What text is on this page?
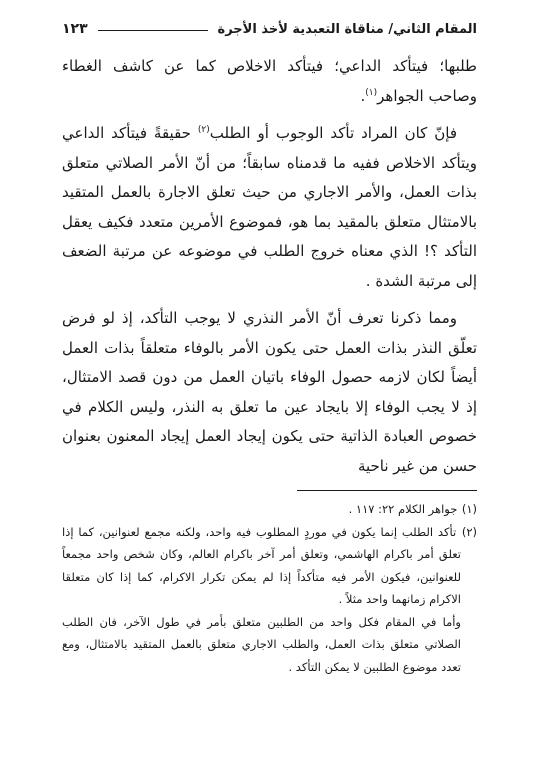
المقام الثاني/ مناقاة التعبدية لأخذ الأجرة
١٢٣

طلبها؛ فيتأكد الداعي؛ فيتأكد الاخلاص كما عن كاشف الغطاء وصاحب الجواهر$^{(١)}$.

فإنّ كان المراد تأكد الوجوب أو الطلب$^{(٢)}$ حقيقةً فيتأكد الداعي ويتأكد الاخلاص ففيه ما قدمناه سابقاً؛ من أنّ الأمر الصلاتي متعلق بذات العمل، والأمر الاجاري من حيث تعلق الاجارة بالعمل المتقيد بالامتثال متعلق بالمقيد بما هو، فموضوع الأمرين متعدد فكيف يعقل التأكد ؟! الذي معناه خروج الطلب في موضوعه عن مرتبة الضعف إلى مرتبة الشدة .

ومما ذكرنا تعرف أنّ الأمر النذري لا يوجب التأكد، إذ لو فرض تعلّق النذر بذات العمل حتى يكون الأمر بالوفاء متعلقاً بذات العمل أيضاً لكان لازمه حصول الوفاء باتيان العمل من دون قصد الامتثال، إذ لا يجب الوفاء إلا بايجاد عين ما تعلق به النذر، وليس الكلام في خصوص العبادة الذاتية حتى يكون إيجاد العمل إيجاد المعنون بعنوان حسن من غير ناحية

(١) جواهر الكلام ٢٢: ١١٧ .

(٢) تأكد الطلب إنما يكون في موردٍ المطلوب فيه واحد، ولكنه مجمع لعنوانين، كما إذا تعلق أمر باكرام الهاشمي، وتعلق أمر آخر باكرام العالم، وكان شخص واحد مجمعاً للعنوانين، فيكون الأمر فيه متأكداً إذا لم يمكن تكرار الاكرام، كما إذا كان متعلقا الاكرام زمانهما واحد مثلاً .

وأما في المقام فكل واحد من الطلبين متعلق بأمر في طول الآخر، فان الطلب الصلاتي متعلق بذات العمل، والطلب الاجاري متعلق بالعمل المتقيد بالامتثال، ومع تعدد موضوع الطلبين لا يمكن التأكد .
